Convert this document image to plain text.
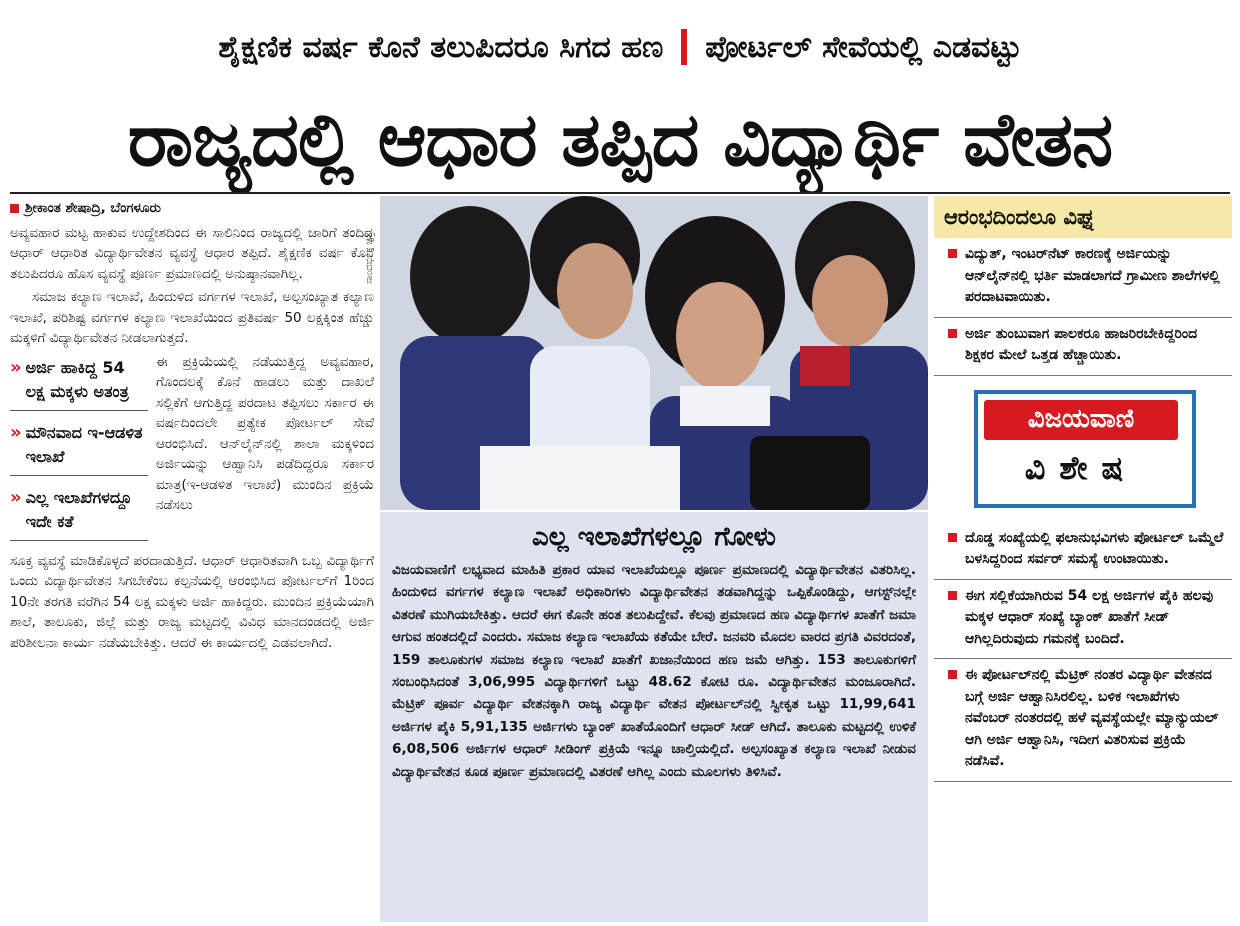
ಶೈಕ್ಷಣಿಕ ವರ್ಷ ಕೊನೆ ತಲುಪಿದರೂ ಸಿಗದ ಹಣ ಪೋರ್ಟಲ್ ಸೇವೆಯಲ್ಲಿ ಎಡವಟ್ಟು
ರಾಜ್ಯದಲ್ಲಿ ಆಧಾರ ತಪ್ಪಿದ ವಿದ್ಯಾರ್ಥಿ ವೇತನ
ಶ್ರೀಕಾಂತ ಶೇಷಾದ್ರಿ, ಬೆಂಗಳೂರು

ಅವ್ಯವಹಾರ ಮಟ್ಟ ಹಾಕುವ ಉದ್ದೇಶದಿಂದ ಈ ಸಾಲಿನಿಂದ ರಾಜ್ಯದಲ್ಲಿ ಜಾರಿಗೆ ತಂದಿದ್ದ ಆಧಾರ್ ಆಧಾರಿತ ವಿದ್ಯಾರ್ಥಿವೇತನ ವ್ಯವಸ್ಥೆ ಆಧಾರ ತಪ್ಪಿದೆ. ಶೈಕ್ಷಣಿಕ ವರ್ಷ ಕೊನೆ ತಲುಪಿದರೂ ಹೊಸ ವ್ಯವಸ್ಥೆ ಪೂರ್ಣ ಪ್ರಮಾಣದಲ್ಲಿ ಅನುಷ್ಠಾನವಾಗಿಲ್ಲ.

ಸಮಾಜ ಕಲ್ಯಾಣ ಇಲಾಖೆ, ಹಿಂದುಳಿದ ವರ್ಗಗಳ ಇಲಾಖೆ, ಅಲ್ಪಸಂಖ್ಯಾತ ಕಲ್ಯಾಣ ಇಲಾಖೆ, ಪರಿಶಿಷ್ಟ ವರ್ಗಗಳ ಕಲ್ಯಾಣ ಇಲಾಖೆಯಿಂದ ಪ್ರತಿವರ್ಷ 50 ಲಕ್ಷಕ್ಕಿಂತ ಹೆಚ್ಚು ಮಕ್ಕಳಿಗೆ ವಿದ್ಯಾರ್ಥಿವೇತನ ನೀಡಲಾಗುತ್ತದೆ.

» ಅರ್ಜಿ ಹಾಕಿದ್ದ 54 ಲಕ್ಷ ಮಕ್ಕಳು ಅತಂತ್ರ
» ಮೌನವಾದ ಇ-ಆಡಳಿತ ಇಲಾಖೆ
» ಎಲ್ಲ ಇಲಾಖೆಗಳದ್ದೂ ಇದೇ ಕತೆ
ಈ ಪ್ರಕ್ರಿಯೆಯಲ್ಲಿ ನಡೆಯುತ್ತಿದ್ದ ಅವ್ಯವಹಾರ, ಗೊಂದಲಕ್ಕೆ ಕೊನೆ ಹಾಡಲು ಮತ್ತು ದಾಖಲೆ ಸಲ್ಲಿಕೆಗೆ ಆಗುತ್ತಿದ್ದ ಪರದಾಟ ತಪ್ಪಿಸಲು ಸರ್ಕಾರ ಈ ವರ್ಷದಿಂದಲೇ ಪ್ರತ್ಯೇಕ ಪೋರ್ಟಲ್ ಸೇವೆ ಆರಂಭಿಸಿದೆ. ಆನ್‌ಲೈನ್‌ನಲ್ಲಿ ಶಾಲಾ ಮಕ್ಕಳಿಂದ ಅರ್ಜಿಯನ್ನು ಆಹ್ವಾನಿಸಿ ಪಡೆದಿದ್ದರೂ ಸರ್ಕಾರ ಮಾತ್ರ(ಇ-ಆಡಳಿತ ಇಲಾಖೆ) ಮುಂದಿನ ಪ್ರಕ್ರಿಯೆ ನಡೆಸಲು

ಸೂಕ್ತ ವ್ಯವಸ್ಥೆ ಮಾಡಿಕೊಳ್ಳದೆ ಪರದಾಡುತ್ತಿದೆ. ಆಧಾರ್ ಆಧಾರಿತವಾಗಿ ಒಬ್ಬ ವಿದ್ಯಾರ್ಥಿಗೆ ಒಂದು ವಿದ್ಯಾರ್ಥಿವೇತನ ಸಿಗಬೇಕೆಂಬ ಕಲ್ಪನೆಯಲ್ಲಿ ಆರಂಭಿಸಿದ ಪೋರ್ಟಲ್‌ಗೆ 1ರಿಂದ 10ನೇ ತರಗತಿ ವರೆಗಿನ 54 ಲಕ್ಷ ಮಕ್ಕಳು ಅರ್ಜಿ ಹಾಕಿದ್ದರು. ಮುಂದಿನ ಪ್ರಕ್ರಿಯೆಯಾಗಿ ಶಾಲೆ, ತಾಲೂಕು, ಜಿಲ್ಲೆ ಮತ್ತು ರಾಜ್ಯ ಮಟ್ಟದಲ್ಲಿ ವಿವಿಧ ಮಾನದಂಡದಲ್ಲಿ ಅರ್ಜಿ ಪರಿಶೀಲನಾ ಕಾರ್ಯ ನಡೆಯಬೇಕಿತ್ತು. ಆದರೆ ಈ ಕಾರ್ಯದಲ್ಲಿ ಎಡವಲಾಗಿದೆ.

ಸಾಂದರ್ಭಿಕ ಚಿತ್ರ
ಎಲ್ಲ ಇಲಾಖೆಗಳಲ್ಲೂ ಗೋಳು
ವಿಜಯವಾಣಿಗೆ ಲಭ್ಯವಾದ ಮಾಹಿತಿ ಪ್ರಕಾರ ಯಾವ ಇಲಾಖೆಯಲ್ಲೂ ಪೂರ್ಣ ಪ್ರಮಾಣದಲ್ಲಿ ವಿದ್ಯಾರ್ಥಿವೇತನ ವಿತರಿಸಿಲ್ಲ. ಹಿಂದುಳಿದ ವರ್ಗಗಳ ಕಲ್ಯಾಣ ಇಲಾಖೆ ಅಧಿಕಾರಿಗಳು ವಿದ್ಯಾರ್ಥಿವೇತನ ತಡವಾಗಿದ್ದನ್ನು ಒಪ್ಪಿಕೊಂಡಿದ್ದು, ಆಗಸ್ಟ್‌ನಲ್ಲೇ ವಿತರಣೆ ಮುಗಿಯಬೇಕಿತ್ತು. ಆದರೆ ಈಗ ಕೊನೇ ಹಂತ ತಲುಪಿದ್ದೇವೆ. ಕೆಲವು ಪ್ರಮಾಣದ ಹಣ ವಿದ್ಯಾರ್ಥಿಗಳ ಖಾತೆಗೆ ಜಮಾ ಆಗುವ ಹಂತದಲ್ಲಿದೆ ಎಂದರು. ಸಮಾಜ ಕಲ್ಯಾಣ ಇಲಾಖೆಯ ಕತೆಯೇ ಬೇರೆ. ಜನವರಿ ಮೊದಲ ವಾರದ ಪ್ರಗತಿ ವಿವರದಂತೆ, 159 ತಾಲೂಕುಗಳ ಸಮಾಜ ಕಲ್ಯಾಣ ಇಲಾಖೆ ಖಾತೆಗೆ ಖಜಾನೆಯಿಂದ ಹಣ ಜಮೆ ಆಗಿತ್ತು. 153 ತಾಲೂಕುಗಳಿಗೆ ಸಂಬಂಧಿಸಿದಂತೆ 3,06,995 ವಿದ್ಯಾರ್ಥಿಗಳಿಗೆ ಒಟ್ಟು 48.62 ಕೋಟಿ ರೂ. ವಿದ್ಯಾರ್ಥಿವೇತನ ಮಂಜೂರಾಗಿದೆ. ಮೆಟ್ರಿಕ್ ಪೂರ್ವ ವಿದ್ಯಾರ್ಥಿ ವೇತನಕ್ಕಾಗಿ ರಾಜ್ಯ ವಿದ್ಯಾರ್ಥಿ ವೇತನ ಪೋರ್ಟಲ್‌ನಲ್ಲಿ ಸ್ವೀಕೃತ ಒಟ್ಟು 11,99,641 ಅರ್ಜಿಗಳ ಪೈಕಿ 5,91,135 ಅರ್ಜಿಗಳು ಬ್ಯಾಂಕ್ ಖಾತೆಯೊಂದಿಗೆ ಆಧಾರ್ ಸೀಡ್ ಆಗಿದೆ. ತಾಲೂಕು ಮಟ್ಟದಲ್ಲಿ ಉಳಿಕೆ 6,08,506 ಅರ್ಜಿಗಳ ಆಧಾರ್ ಸೀಡಿಂಗ್ ಪ್ರಕ್ರಿಯೆ ಇನ್ನೂ ಚಾಲ್ತಿಯಲ್ಲಿದೆ. ಅಲ್ಪಸಂಖ್ಯಾತ ಕಲ್ಯಾಣ ಇಲಾಖೆ ನೀಡುವ ವಿದ್ಯಾರ್ಥಿವೇತನ ಕೂಡ ಪೂರ್ಣ ಪ್ರಮಾಣದಲ್ಲಿ ವಿತರಣೆ ಆಗಿಲ್ಲ ಎಂದು ಮೂಲಗಳು ತಿಳಿಸಿವೆ.
ಆರಂಭದಿಂದಲೂ ವಿಘ್ನ
ವಿದ್ಯುತ್, ಇಂಟರ್‌ನೆಟ್ ಕಾರಣಕ್ಕೆ ಅರ್ಜಿಯನ್ನು ಆನ್‌ಲೈನ್‌ನಲ್ಲಿ ಭರ್ತಿ ಮಾಡಲಾಗದೆ ಗ್ರಾಮೀಣ ಶಾಲೆಗಳಲ್ಲಿ ಪರದಾಟವಾಯಿತು.
ಅರ್ಜಿ ತುಂಬುವಾಗ ಪಾಲಕರೂ ಹಾಜರಿರಬೇಕಿದ್ದರಿಂದ ಶಿಕ್ಷಕರ ಮೇಲೆ ಒತ್ತಡ ಹೆಚ್ಚಾಯಿತು.
ವಿಜಯವಾಣಿ
ವಿಶೇಷ
ದೊಡ್ಡ ಸಂಖ್ಯೆಯಲ್ಲಿ ಫಲಾನುಭವಿಗಳು ಪೋರ್ಟಲ್ ಒಮ್ಮೆಲೆ ಬಳಸಿದ್ದರಿಂದ ಸರ್ವರ್ ಸಮಸ್ಯೆ ಉಂಟಾಯಿತು.
ಈಗ ಸಲ್ಲಿಕೆಯಾಗಿರುವ 54 ಲಕ್ಷ ಅರ್ಜಿಗಳ ಪೈಕಿ ಹಲವು ಮಕ್ಕಳ ಆಧಾರ್ ಸಂಖ್ಯೆ ಬ್ಯಾಂಕ್ ಖಾತೆಗೆ ಸೀಡ್ ಆಗಿಲ್ಲದಿರುವುದು ಗಮನಕ್ಕೆ ಬಂದಿದೆ.
ಈ ಪೋರ್ಟಲ್‌ನಲ್ಲಿ ಮೆಟ್ರಿಕ್ ನಂತರ ವಿದ್ಯಾರ್ಥಿ ವೇತನದ ಬಗ್ಗೆ ಅರ್ಜಿ ಆಹ್ವಾನಿಸಿರಲಿಲ್ಲ. ಬಳಿಕ ಇಲಾಖೆಗಳು ನವೆಂಬರ್ ನಂತರದಲ್ಲಿ ಹಳೆ ವ್ಯವಸ್ಥೆಯಲ್ಲೇ ಮ್ಯಾನ್ಯುಯಲ್ ಆಗಿ ಅರ್ಜಿ ಆಹ್ವಾನಿಸಿ, ಇದೀಗ ವಿತರಿಸುವ ಪ್ರಕ್ರಿಯೆ ನಡೆಸಿವೆ.
